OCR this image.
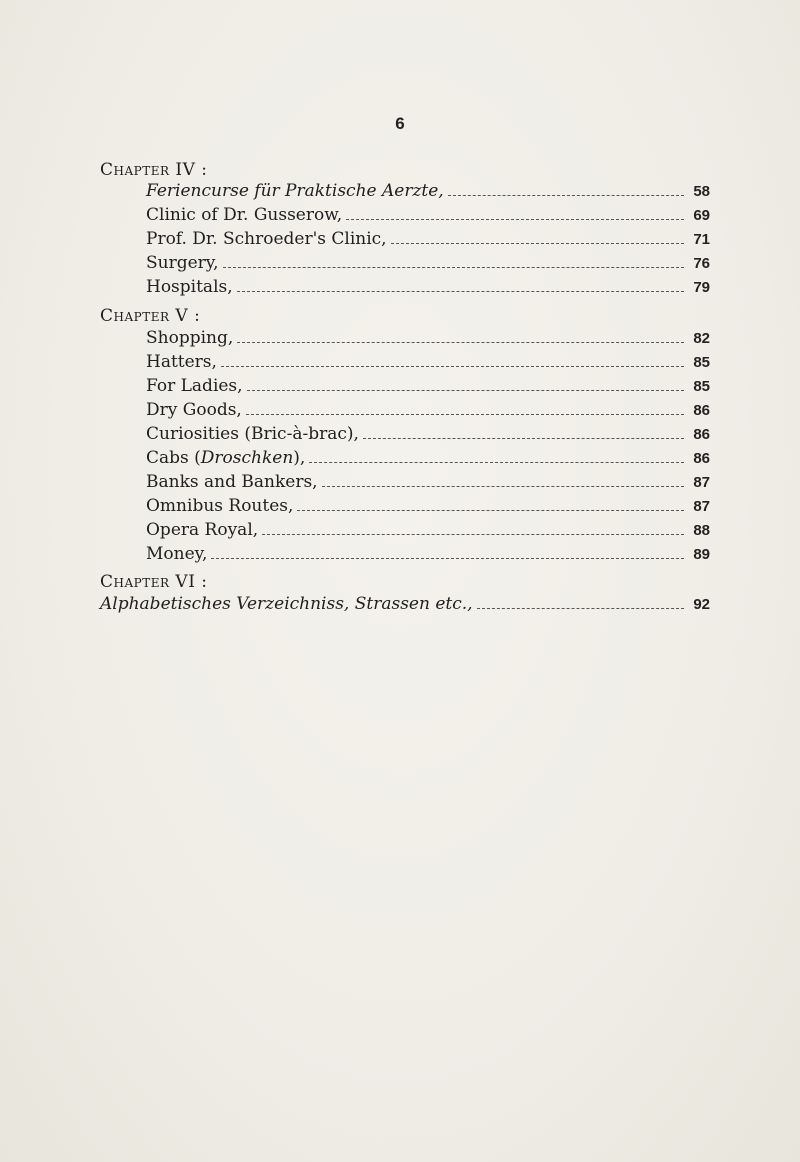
6
Chapter IV :
Feriencurse für Praktische Aerzte,	58
Clinic of Dr. Gusserow,	69
Prof. Dr. Schroeder's Clinic,	71
Surgery,	76
Hospitals,	79
Chapter V :
Shopping,	82
Hatters,	85
For Ladies,	85
Dry Goods,	86
Curiosities (Bric-à-brac),	86
Cabs (Droschken),	86
Banks and Bankers,	87
Omnibus Routes,	87
Opera Royal,	88
Money,	89
Chapter VI :
Alphabetisches Verzeichniss, Strassen etc.,	92
